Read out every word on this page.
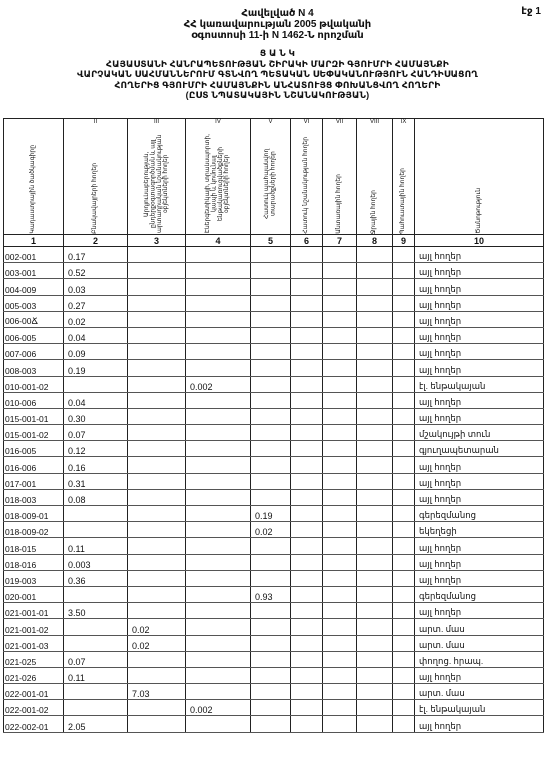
էջ 1
Հավելված N 4
ՀՀ կառավարության 2005 թվականի
օգոստոսի 11-ի N 1462-Ն որոշման
Ց Ա Ն Կ
ՀԱՅԱՍՏԱՆԻ ՀԱՆՐԱՊԵՏՈՒԹՅԱՆ ՇԻՐԱԿԻ ՄԱՐԶԻ ԳՅՈՒՄՐԻ ՀԱՄԱՅՆՔԻ
ՎԱՐՉԱԿԱՆ ՍԱՀՄԱՆՆԵՐՈՒՄ ԳՏՆՎՈՂ ՊԵՏԱԿԱՆ ՍԵՓԱԿԱՆՈՒԹՅՈՒՆ ՀԱՆԴԻՍԱՑՈՂ
ՀՈՂԵՐԻՑ ԳՅՈՒՄՐԻ ՀԱՄԱՅՆՔԻՆ ԱՆՀԱՏՈՒՅՑ ՓՈԽԱՆՑՎՈՂ ՀՈՂԵՐԻ
(ԸՍՏ ՆՊԱՏԱԿԱՅԻՆ ՆՇԱՆԱԿՈՒԹՅԱՆ)
	II	III	IV	V	VI	VII	VIII	IX	

Կադաստրային ծածկագիրը	Բնակավայրերի հողեր	Արդյունաբերության, ընդերքօգտագործման և այլ արտադրական նշանակության օբյեկտների հողեր	Էներգետիկայի, տրանսպորտի, կապի և կոմունալ ենթակառուցվածքների օբյեկտների հողեր	Հատուկ պահպանվող տարածքների հողեր	Հատուկ նշանակության հողեր	Անտառային հողեր	Ջրային հողեր	Պահուստային հողեր	Ծանոթություն

1	2	3	4	5	6	7	8	9	10
002-001	0.17								այլ հողեր
003-001	0.52								այլ հողեր
004-009	0.03								այլ հողեր
005-003	0.27								այլ հողեր
006-00Ճ	0.02								այլ հողեր
006-005	0.04								այլ հողեր
007-006	0.09								այլ հողեր
008-003	0.19								այլ հողեր
010-001-02			0.002						էլ. ենթակայան
010-006	0.04								այլ հողեր
015-001-01	0.30								այլ հողեր
015-001-02	0.07								մշակույթի տուն
016-005	0.12								գյուղապետարան
016-006	0.16								այլ հողեր
017-001	0.31								այլ հողեր
018-003	0.08								այլ հողեր
018-009-01				0.19					գերեզմանոց
018-009-02				0.02					եկեղեցի
018-015	0.11								այլ հողեր
018-016	0.003								այլ հողեր
019-003	0.36								այլ հողեր
020-001				0.93					գերեզմանոց
021-001-01	3.50								այլ հողեր
021-001-02		0.02							արտ. մաս
021-001-03		0.02							արտ. մաս
021-025	0.07								փողոց. հրապ.
021-026	0.11								այլ հողեր
022-001-01		7.03							արտ. մաս
022-001-02			0.002						էլ. ենթակայան
022-002-01	2.05								այլ հողեր
